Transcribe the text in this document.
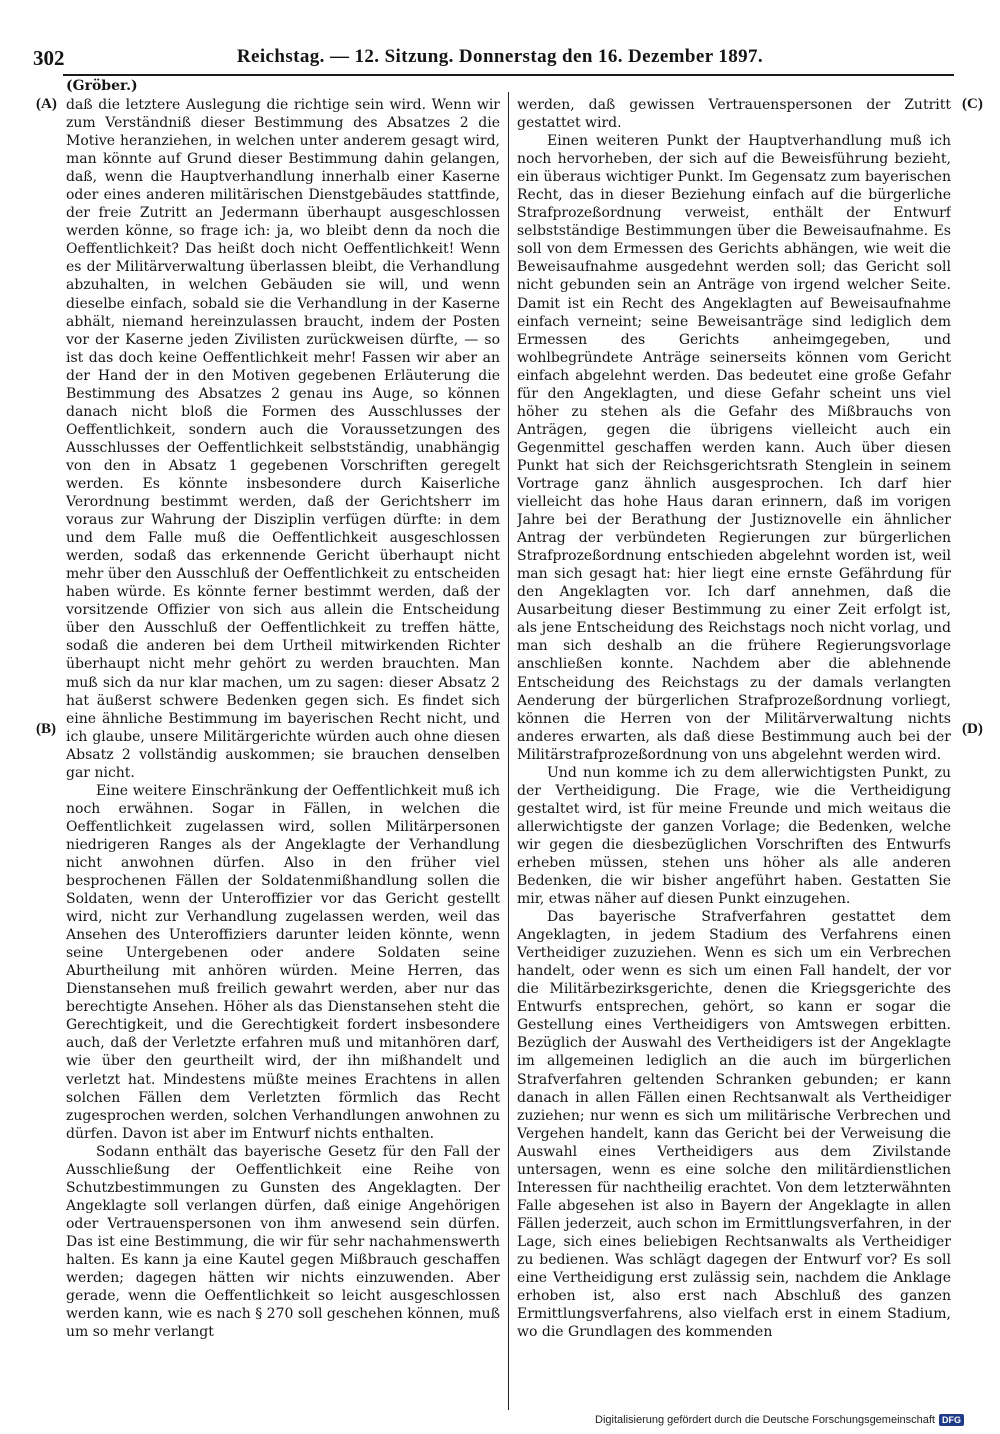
302	Reichstag. — 12. Sitzung. Donnerstag den 16. Dezember 1897.
(Gröber.)
(A)
(B)
(C)
(D)

daß die letztere Auslegung die richtige sein wird. Wenn wir zum Verständniß dieser Bestimmung des Absatzes 2 die Motive heranziehen, in welchen unter anderem gesagt wird, man könnte auf Grund dieser Bestimmung dahin gelangen, daß, wenn die Hauptverhandlung innerhalb einer Kaserne oder eines anderen militärischen Dienstgebäudes stattfinde, der freie Zutritt an Jedermann überhaupt ausgeschlossen werden könne, so frage ich: ja, wo bleibt denn da noch die Oeffentlichkeit? Das heißt doch nicht Oeffentlichkeit! Wenn es der Militärverwaltung überlassen bleibt, die Verhandlung abzuhalten, in welchen Gebäuden sie will, und wenn dieselbe einfach, sobald sie die Verhandlung in der Kaserne abhält, niemand hereinzulassen braucht, indem der Posten vor der Kaserne jeden Zivilisten zurückweisen dürfte, — so ist das doch keine Oeffentlichkeit mehr! Fassen wir aber an der Hand der in den Motiven gegebenen Erläuterung die Bestimmung des Absatzes 2 genau ins Auge, so können danach nicht bloß die Formen des Ausschlusses der Oeffentlichkeit, sondern auch die Voraussetzungen des Ausschlusses der Oeffentlichkeit selbstständig, unabhängig von den in Absatz 1 gegebenen Vorschriften geregelt werden. Es könnte insbesondere durch Kaiserliche Verordnung bestimmt werden, daß der Gerichtsherr im voraus zur Wahrung der Disziplin verfügen dürfte: in dem und dem Falle muß die Oeffentlichkeit ausgeschlossen werden, sodaß das erkennende Gericht überhaupt nicht mehr über den Ausschluß der Oeffentlichkeit zu entscheiden haben würde. Es könnte ferner bestimmt werden, daß der vorsitzende Offizier von sich aus allein die Entscheidung über den Ausschluß der Oeffentlichkeit zu treffen hätte, sodaß die anderen bei dem Urtheil mitwirkenden Richter überhaupt nicht mehr gehört zu werden brauchten. Man muß sich da nur klar machen, um zu sagen: dieser Absatz 2 hat äußerst schwere Bedenken gegen sich. Es findet sich eine ähnliche Bestimmung im bayerischen Recht nicht, und ich glaube, unsere Militärgerichte würden auch ohne diesen Absatz 2 vollständig auskommen; sie brauchen denselben gar nicht.

Eine weitere Einschränkung der Oeffentlichkeit muß ich noch erwähnen. Sogar in Fällen, in welchen die Oeffentlichkeit zugelassen wird, sollen Militärpersonen niedrigeren Ranges als der Angeklagte der Verhandlung nicht anwohnen dürfen. Also in den früher viel besprochenen Fällen der Soldatenmißhandlung sollen die Soldaten, wenn der Unteroffizier vor das Gericht gestellt wird, nicht zur Verhandlung zugelassen werden, weil das Ansehen des Unteroffiziers darunter leiden könnte, wenn seine Untergebenen oder andere Soldaten seine Aburtheilung mit anhören würden. Meine Herren, das Dienstansehen muß freilich gewahrt werden, aber nur das berechtigte Ansehen. Höher als das Dienstansehen steht die Gerechtigkeit, und die Gerechtigkeit fordert insbesondere auch, daß der Verletzte erfahren muß und mitanhören darf, wie über den geurtheilt wird, der ihn mißhandelt und verletzt hat. Mindestens müßte meines Erachtens in allen solchen Fällen dem Verletzten förmlich das Recht zugesprochen werden, solchen Verhandlungen anwohnen zu dürfen. Davon ist aber im Entwurf nichts enthalten.

Sodann enthält das bayerische Gesetz für den Fall der Ausschließung der Oeffentlichkeit eine Reihe von Schutzbestimmungen zu Gunsten des Angeklagten. Der Angeklagte soll verlangen dürfen, daß einige Angehörigen oder Vertrauenspersonen von ihm anwesend sein dürfen. Das ist eine Bestimmung, die wir für sehr nachahmenswerth halten. Es kann ja eine Kautel gegen Mißbrauch geschaffen werden; dagegen hätten wir nichts einzuwenden. Aber gerade, wenn die Oeffentlichkeit so leicht ausgeschlossen werden kann, wie es nach § 270 soll geschehen können, muß um so mehr verlangt

werden, daß gewissen Vertrauenspersonen der Zutritt gestattet wird.

Einen weiteren Punkt der Hauptverhandlung muß ich noch hervorheben, der sich auf die Beweisführung bezieht, ein überaus wichtiger Punkt. Im Gegensatz zum bayerischen Recht, das in dieser Beziehung einfach auf die bürgerliche Strafprozeßordnung verweist, enthält der Entwurf selbstständige Bestimmungen über die Beweisaufnahme. Es soll von dem Ermessen des Gerichts abhängen, wie weit die Beweisaufnahme ausgedehnt werden soll; das Gericht soll nicht gebunden sein an Anträge von irgend welcher Seite. Damit ist ein Recht des Angeklagten auf Beweisaufnahme einfach verneint; seine Beweisanträge sind lediglich dem Ermessen des Gerichts anheimgegeben, und wohlbegründete Anträge seinerseits können vom Gericht einfach abgelehnt werden. Das bedeutet eine große Gefahr für den Angeklagten, und diese Gefahr scheint uns viel höher zu stehen als die Gefahr des Mißbrauchs von Anträgen, gegen die übrigens vielleicht auch ein Gegenmittel geschaffen werden kann. Auch über diesen Punkt hat sich der Reichsgerichtsrath Stenglein in seinem Vortrage ganz ähnlich ausgesprochen. Ich darf hier vielleicht das hohe Haus daran erinnern, daß im vorigen Jahre bei der Berathung der Justiznovelle ein ähnlicher Antrag der verbündeten Regierungen zur bürgerlichen Strafprozeßordnung entschieden abgelehnt worden ist, weil man sich gesagt hat: hier liegt eine ernste Gefährdung für den Angeklagten vor. Ich darf annehmen, daß die Ausarbeitung dieser Bestimmung zu einer Zeit erfolgt ist, als jene Entscheidung des Reichstags noch nicht vorlag, und man sich deshalb an die frühere Regierungsvorlage anschließen konnte. Nachdem aber die ablehnende Entscheidung des Reichstags zu der damals verlangten Aenderung der bürgerlichen Strafprozeßordnung vorliegt, können die Herren von der Militärverwaltung nichts anderes erwarten, als daß diese Bestimmung auch bei der Militärstrafprozeßordnung von uns abgelehnt werden wird.

Und nun komme ich zu dem allerwichtigsten Punkt, zu der Vertheidigung. Die Frage, wie die Vertheidigung gestaltet wird, ist für meine Freunde und mich weitaus die allerwichtigste der ganzen Vorlage; die Bedenken, welche wir gegen die diesbezüglichen Vorschriften des Entwurfs erheben müssen, stehen uns höher als alle anderen Bedenken, die wir bisher angeführt haben. Gestatten Sie mir, etwas näher auf diesen Punkt einzugehen.

Das bayerische Strafverfahren gestattet dem Angeklagten, in jedem Stadium des Verfahrens einen Vertheidiger zuzuziehen. Wenn es sich um ein Verbrechen handelt, oder wenn es sich um einen Fall handelt, der vor die Militärbezirksgerichte, denen die Kriegsgerichte des Entwurfs entsprechen, gehört, so kann er sogar die Gestellung eines Vertheidigers von Amtswegen erbitten. Bezüglich der Auswahl des Vertheidigers ist der Angeklagte im allgemeinen lediglich an die auch im bürgerlichen Strafverfahren geltenden Schranken gebunden; er kann danach in allen Fällen einen Rechtsanwalt als Vertheidiger zuziehen; nur wenn es sich um militärische Verbrechen und Vergehen handelt, kann das Gericht bei der Verweisung die Auswahl eines Vertheidigers aus dem Zivilstande untersagen, wenn es eine solche den militärdienstlichen Interessen für nachtheilig erachtet. Von dem letzterwähnten Falle abgesehen ist also in Bayern der Angeklagte in allen Fällen jederzeit, auch schon im Ermittlungsverfahren, in der Lage, sich eines beliebigen Rechtsanwalts als Vertheidiger zu bedienen. Was schlägt dagegen der Entwurf vor? Es soll eine Vertheidigung erst zulässig sein, nachdem die Anklage erhoben ist, also erst nach Abschluß des ganzen Ermittlungsverfahrens, also vielfach erst in einem Stadium, wo die Grundlagen des kommenden

Digitalisierung gefördert durch die Deutsche Forschungsgemeinschaft DFG
